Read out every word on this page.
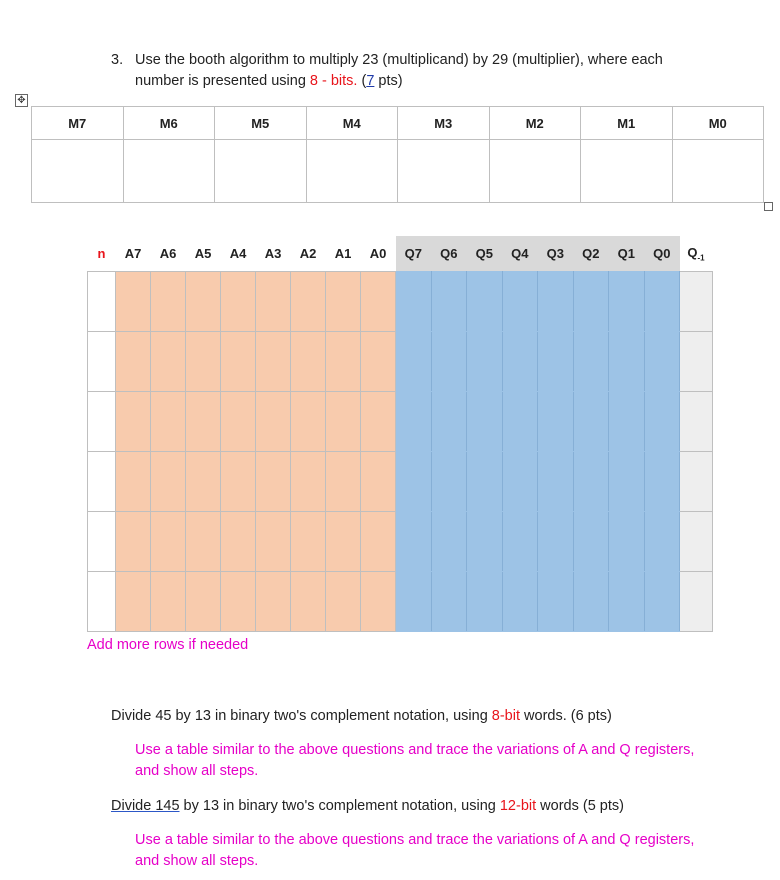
3. Use the booth algorithm to multiply 23 (multiplicand) by 29 (multiplier), where each number is presented using 8 - bits. (7 pts)
✥
M7	M6	M5	M4	M3	M2	M1	M0

n	A7	A6	A5	A4	A3	A2	A1	A0	Q7	Q6	Q5	Q4	Q3	Q2	Q1	Q0	$Q_{-1}$

Add more rows if needed
Divide 45 by 13 in binary two's complement notation, using 8-bit words. (6 pts)
Use a table similar to the above questions and trace the variations of A and Q registers, and show all steps.
Divide 145 by 13 in binary two's complement notation, using 12-bit words (5 pts)
Use a table similar to the above questions and trace the variations of A and Q registers, and show all steps.
